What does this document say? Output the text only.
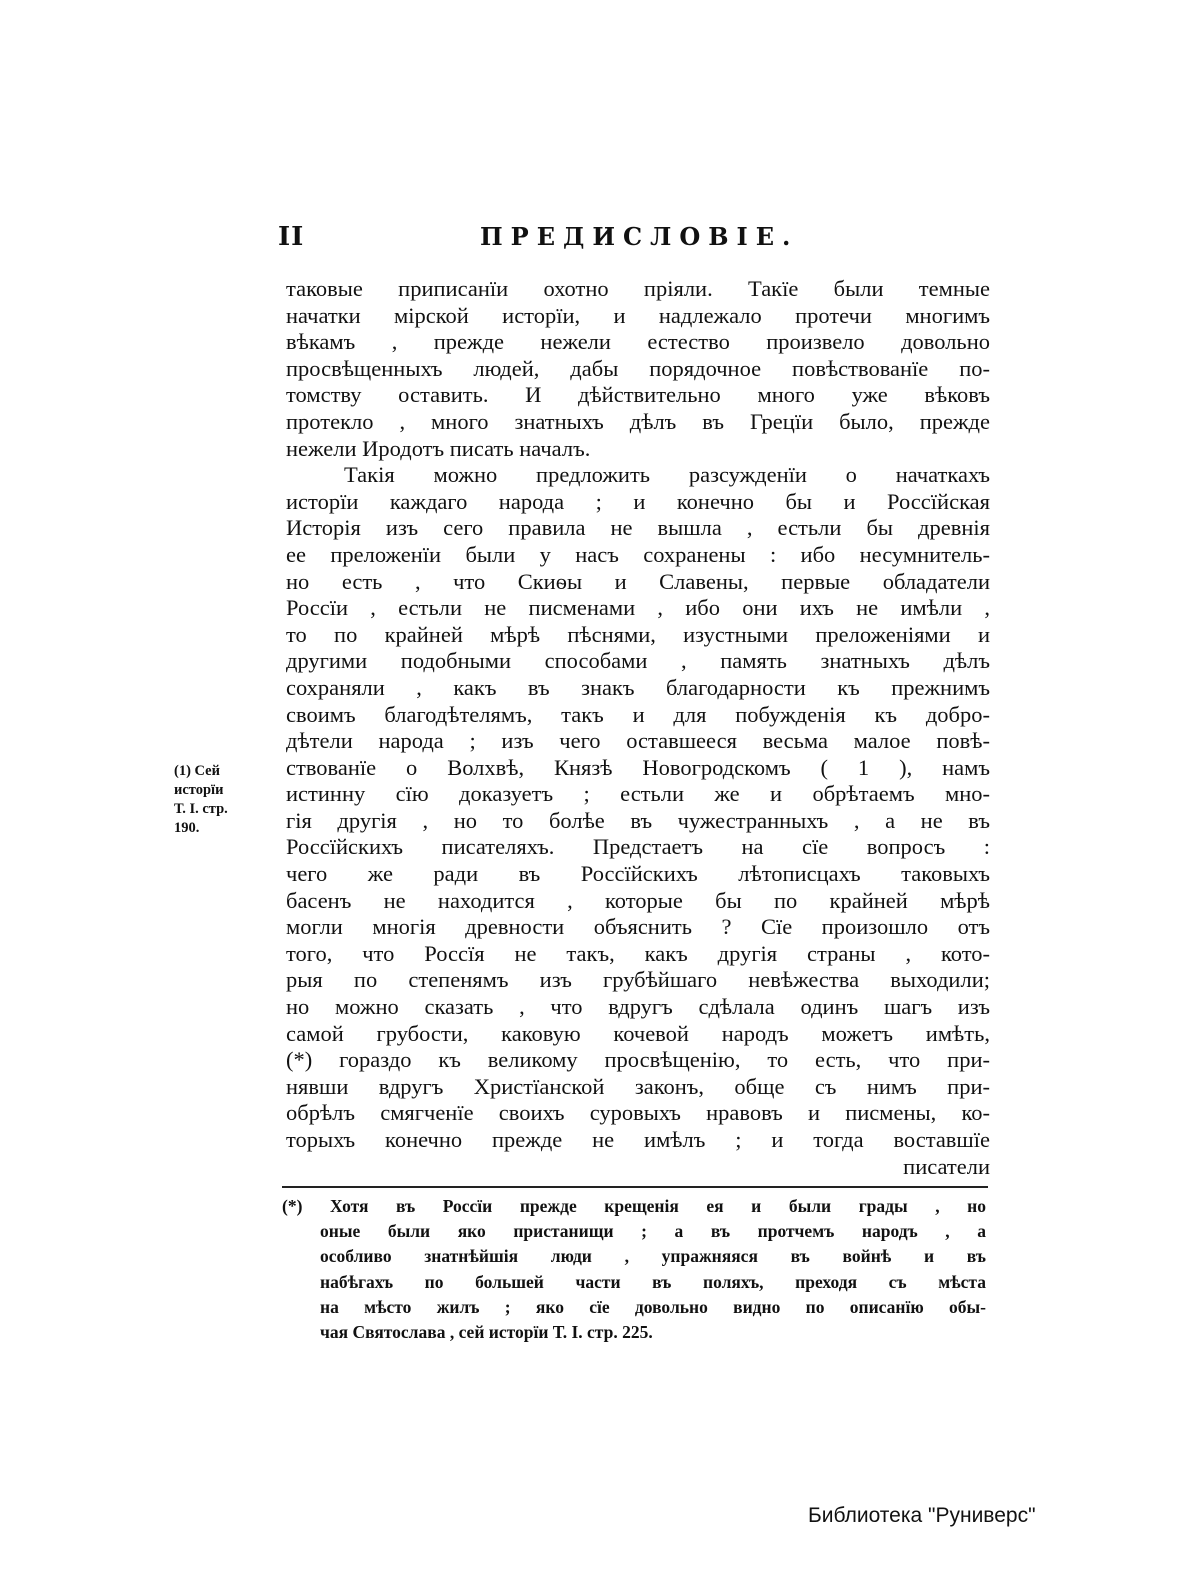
II	ПРЕДИСЛОВІЕ.
таковые приписанїи охотно пріяли. Такїе были темные
начатки мірской исторїи, и надлежало протечи многимъ
вѣкамъ , прежде нежели естество произвело довольно
просвѣщенныхъ людей, дабы порядочное повѣствованїе по-
томству оставить. И дѣйствительно много уже вѣковъ
протекло , много знатныхъ дѣлъ въ Грецїи было, прежде
нежели Иродотъ писать началъ.
Такія можно предложить разсужденїи о начаткахъ
исторїи каждаго народа ; и конечно бы и Россїйская
Исторія изъ сего правила не вышла , естьли бы древнія
ее преложенїи были у насъ сохранены : ибо несумнитель-
но есть , что Скиѳы и Славены, первые обладатели
Россїи , естьли не писменами , ибо они ихъ не имѣли ,
то по крайней мѣрѣ пѣснями, изустными преложеніями и
другими подобными способами , память знатныхъ дѣлъ
сохраняли , какъ въ знакъ благодарности къ прежнимъ
своимъ благодѣтелямъ, такъ и для побужденія къ добро-
дѣтели народа ; изъ чего оставшееся весьма малое повѣ-
ствованїе о Волхвѣ, Князѣ Новогродскомъ ( 1 ), намъ
истинну сїю доказуетъ ; естьли же и обрѣтаемъ мно-
гія другія , но то болѣе въ чужестранныхъ , а не въ
Россїйскихъ писателяхъ. Предстаетъ на сїе вопросъ :
чего же ради въ Россїйскихъ лѣтописцахъ таковыхъ
басенъ не находится , которые бы по крайней мѣрѣ
могли многія древности объяснить ? Сїе произошло отъ
того, что Россїя не такъ, какъ другія страны , кото-
рыя по степенямъ изъ грубѣйшаго невѣжества выходили;
но можно сказать , что вдругъ сдѣлала одинъ шагъ изъ
самой грубости, каковую кочевой народъ можетъ имѣть,
(*) гораздо къ великому просвѣщенію, то есть, что при-
нявши вдругъ Христїанской законъ, обще съ нимъ при-
обрѣлъ смягченїе своихъ суровыхъ нравовъ и писмены, ко-
торыхъ конечно прежде не имѣлъ ; и тогда воставшїе
писатели
(1) Сей
исторїи
Т. I. стр.
190.
(*) Хотя въ Россїи прежде крещенія ея и были грады , но
оные были яко пристанищи ; а въ протчемъ народъ , а
особливо знатнѣйшія люди , упражняяся въ войнѣ и въ
набѣгахъ по большей части въ поляхъ, преходя съ мѣста
на мѣсто жилъ ; яко сїе довольно видно по описанїю обы-
чая Святослава , сей исторїи Т. I. стр. 225.
Библиотека "Руниверс"
